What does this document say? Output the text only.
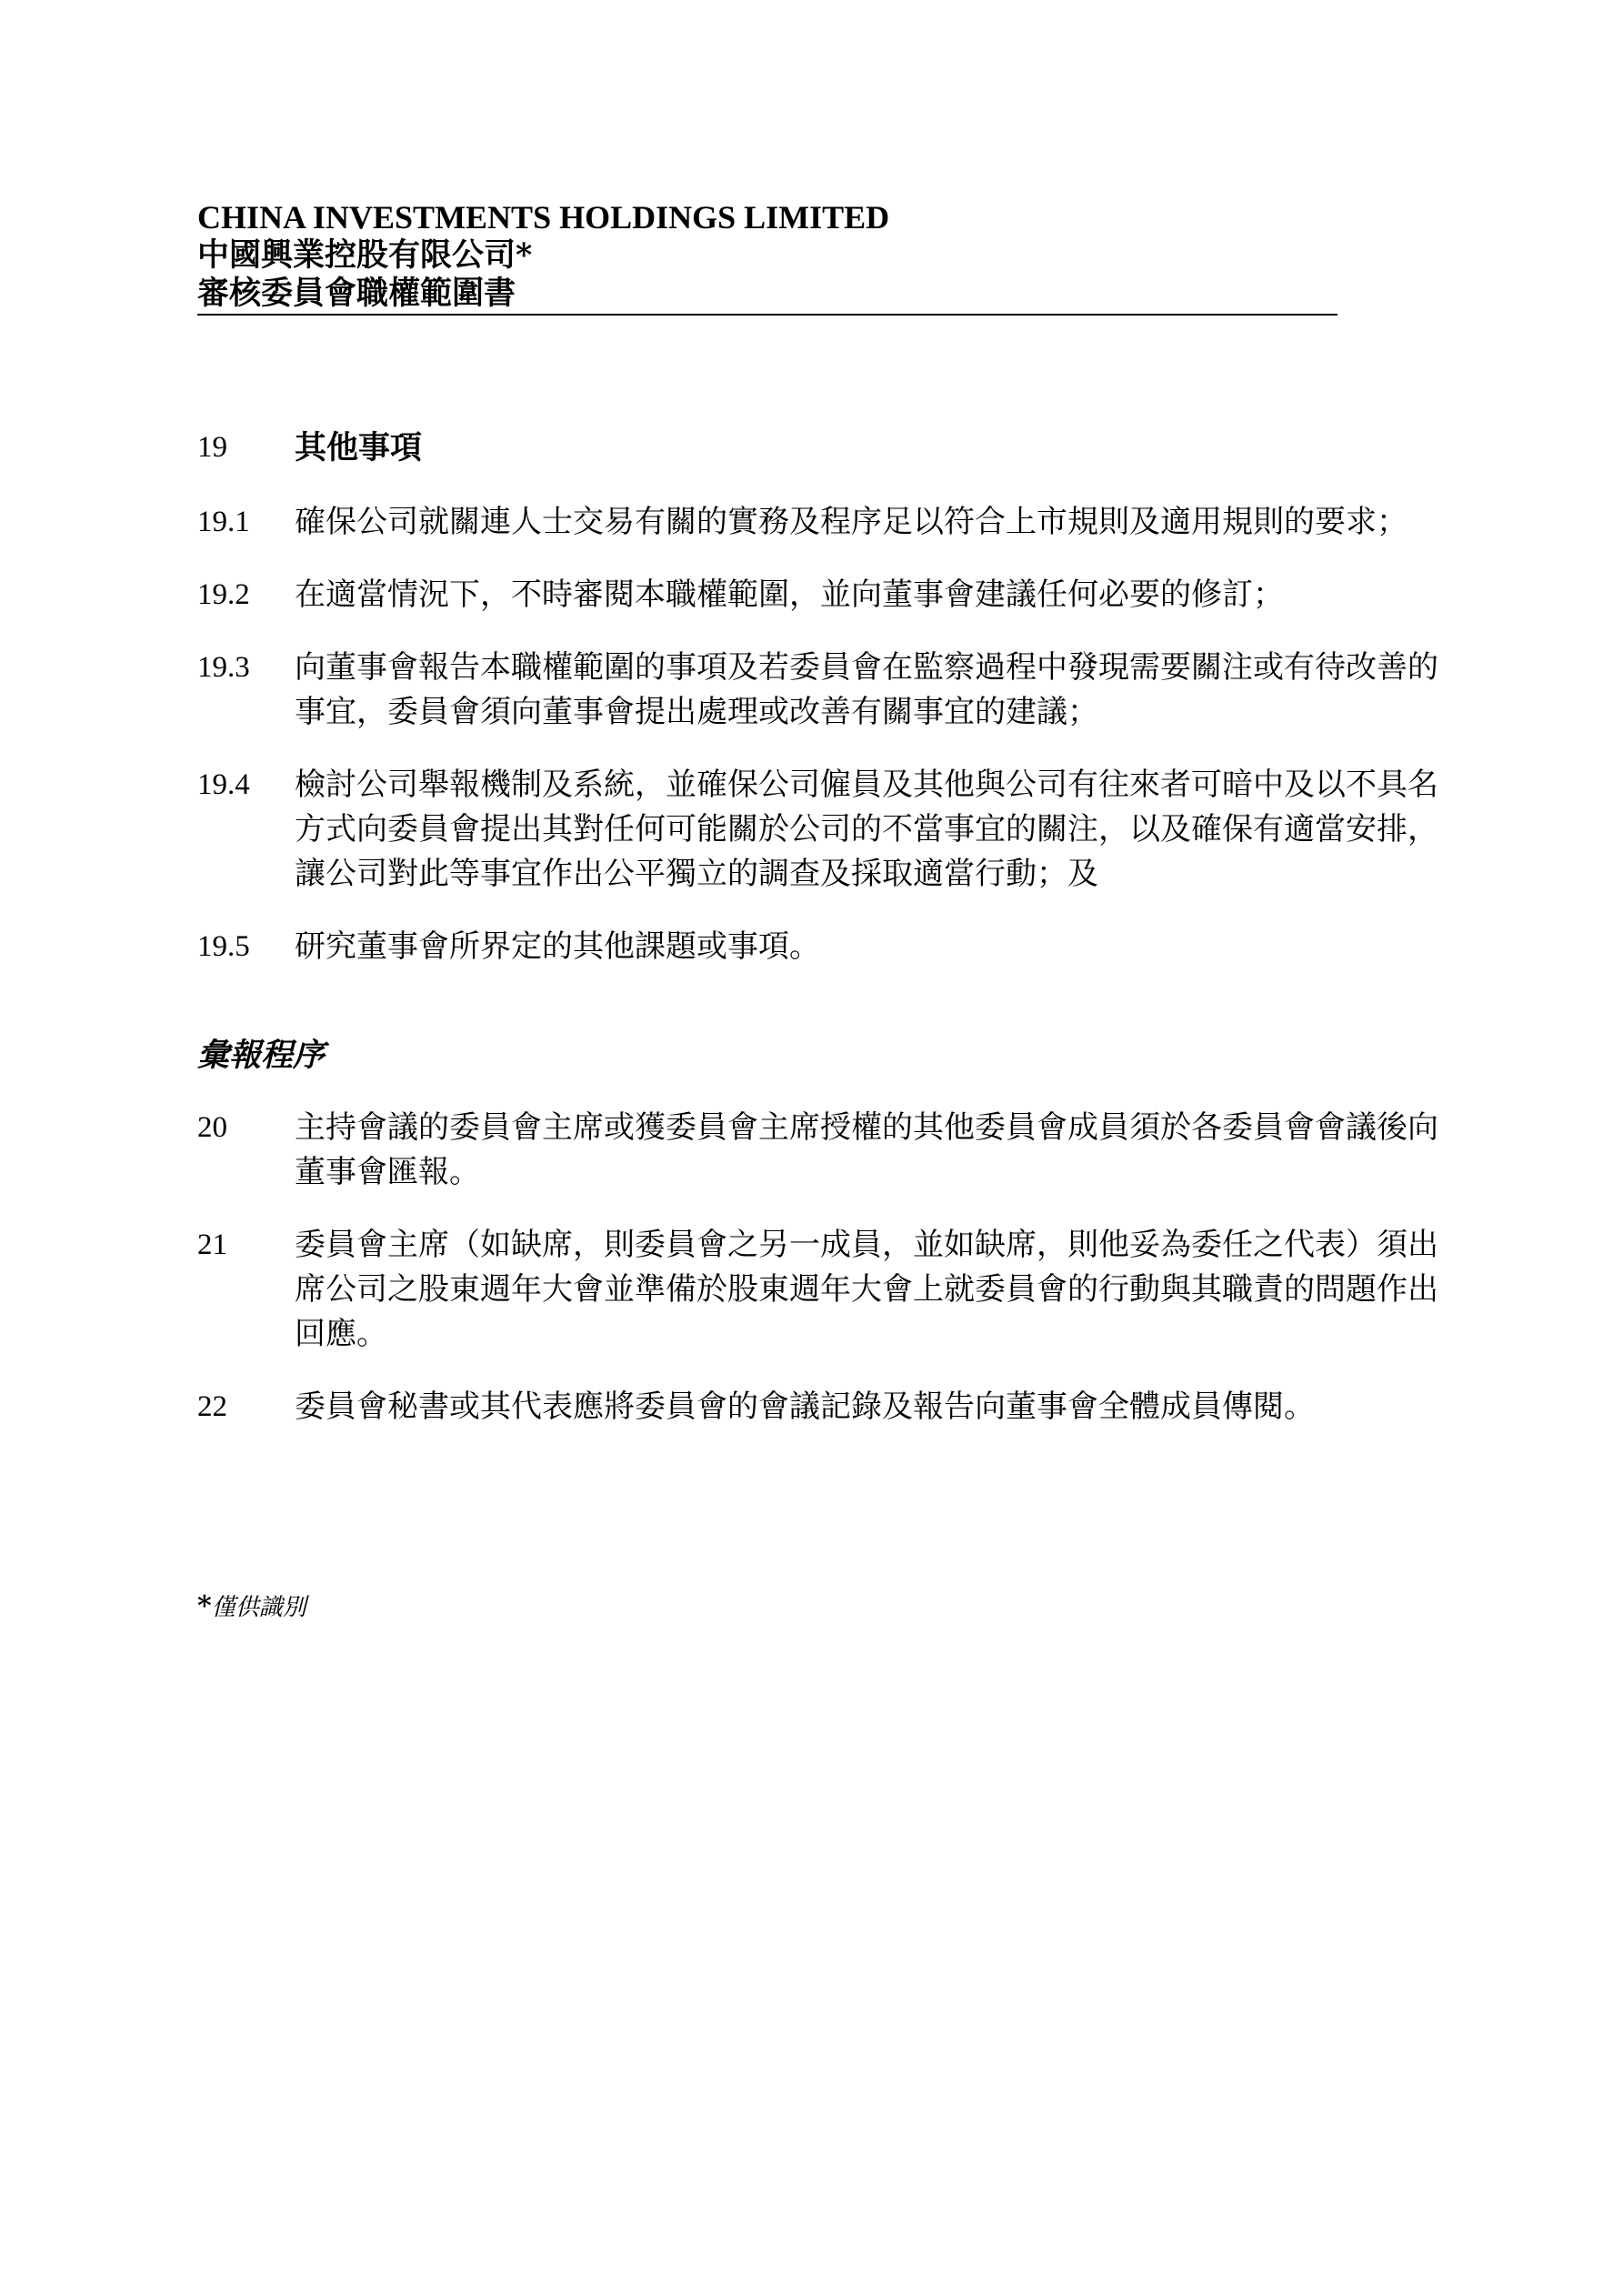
CHINA INVESTMENTS HOLDINGS LIMITED
中國興業控股有限公司*
審核委員會職權範圍書
19	其他事項
19.1	確保公司就關連人士交易有關的實務及程序足以符合上市規則及適用規則的要求；
19.2	在適當情況下，不時審閱本職權範圍，並向董事會建議任何必要的修訂；
19.3	向董事會報告本職權範圍的事項及若委員會在監察過程中發現需要關注或有待改善的事宜，委員會須向董事會提出處理或改善有關事宜的建議；
19.4	檢討公司舉報機制及系統，並確保公司僱員及其他與公司有往來者可暗中及以不具名方式向委員會提出其對任何可能關於公司的不當事宜的關注，以及確保有適當安排，讓公司對此等事宜作出公平獨立的調查及採取適當行動；及
19.5	研究董事會所界定的其他課題或事項。
彙報程序
20	主持會議的委員會主席或獲委員會主席授權的其他委員會成員須於各委員會會議後向董事會匯報。
21	委員會主席（如缺席，則委員會之另一成員，並如缺席，則他妥為委任之代表）須出席公司之股東週年大會並準備於股東週年大會上就委員會的行動與其職責的問題作出回應。
22	委員會秘書或其代表應將委員會的會議記錄及報告向董事會全體成員傳閱。
*僅供識別
